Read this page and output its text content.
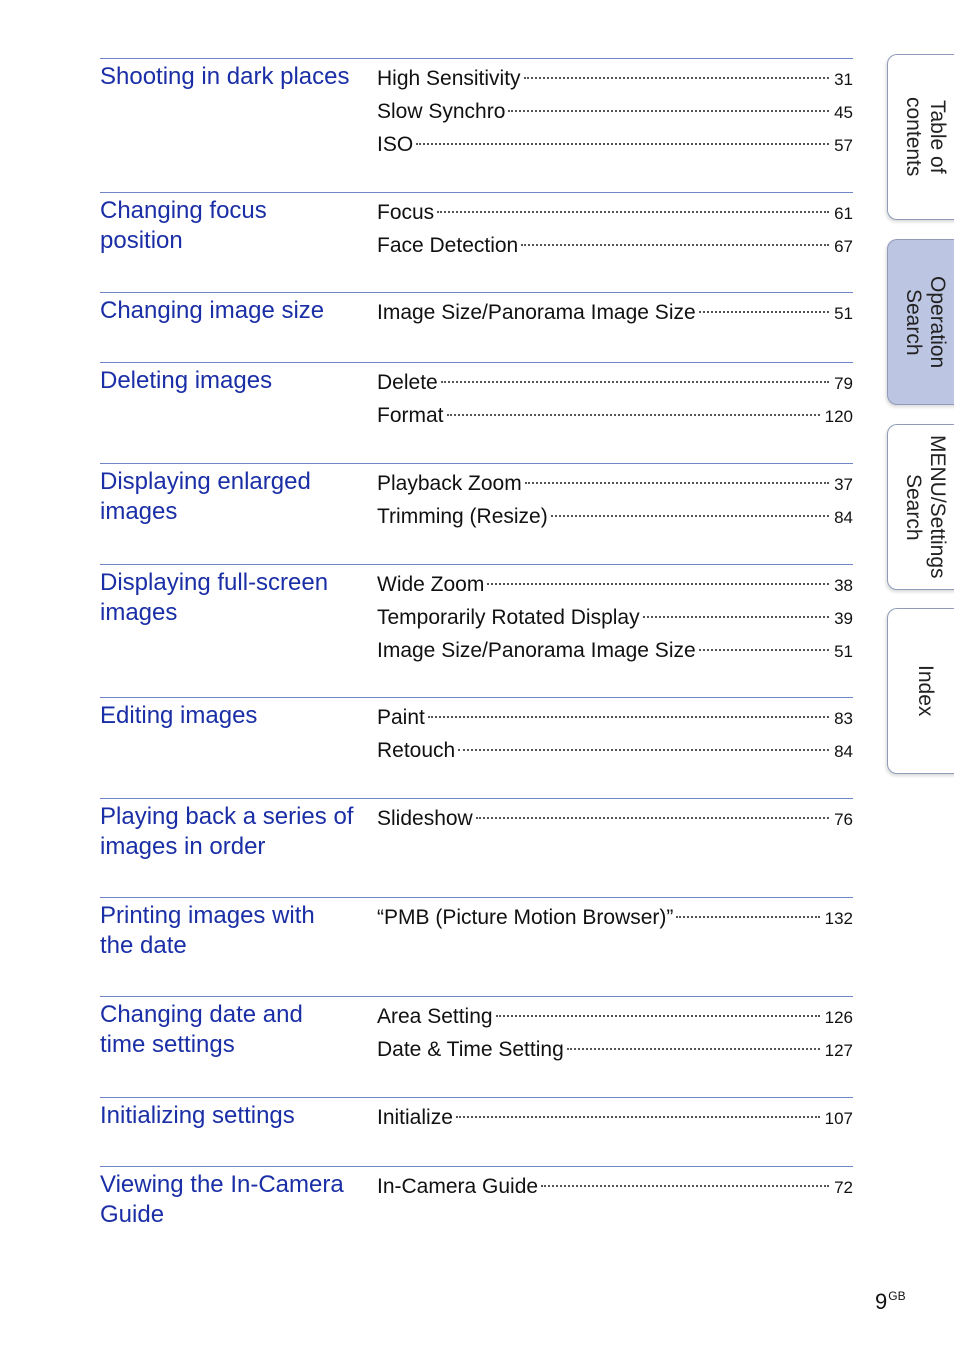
Shooting in dark places	High Sensitivity	31
Slow Synchro	45
ISO	57
Changing focus
position
Focus	61
Face Detection	67
Changing image size	Image Size/Panorama Image Size	51
Deleting images	Delete	79
Format	120
Displaying enlarged
images
Playback Zoom	37
Trimming (Resize)	84
Displaying full-screen
images
Wide Zoom	38
Temporarily Rotated Display	39
Image Size/Panorama Image Size	51
Editing images	Paint	83
Retouch	84
Playing back a series of
images in order
Slideshow	76
Printing images with
the date
“PMB (Picture Motion Browser)”	132
Changing date and
time settings
Area Setting	126
Date & Time Setting	127
Initializing settings	Initialize	107
Viewing the In-Camera
Guide
In-Camera Guide	72
Table of
contents
Operation
Search
MENU/Settings
Search
Index
$9^{GB}$
